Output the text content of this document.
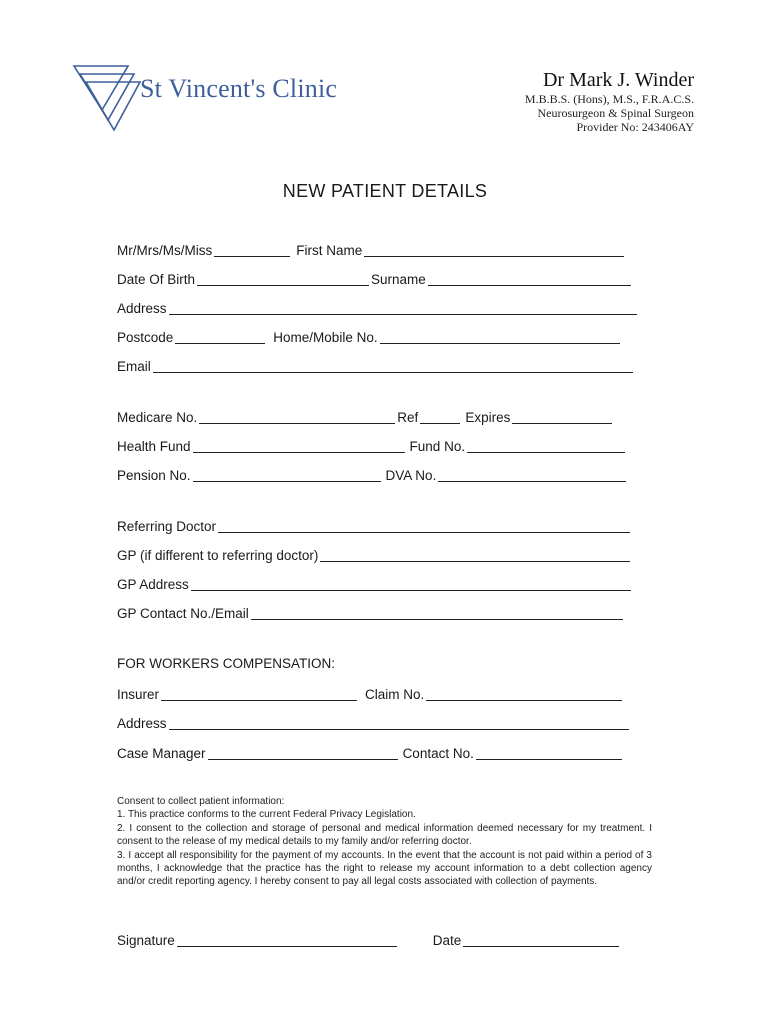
St Vincent's Clinic	Dr Mark J. Winder
M.B.B.S. (Hons), M.S., F.R.A.C.S.
Neurosurgeon & Spinal Surgeon
Provider No: 243406AY
NEW PATIENT DETAILS
Mr/Mrs/Ms/Miss	First Name
Date Of Birth	Surname
Address
Postcode	Home/Mobile No.
Email
Medicare No.	Ref	Expires
Health Fund	Fund No.
Pension No.	DVA No.
Referring Doctor
GP (if different to referring doctor)
GP Address
GP Contact No./Email
FOR WORKERS COMPENSATION:
Insurer	Claim No.
Address
Case Manager	Contact No.

Consent to collect patient information:

1. This practice conforms to the current Federal Privacy Legislation.

2. I consent to the collection and storage of personal and medical information deemed necessary for my treatment. I consent to the release of my medical details to my family and/or referring doctor.

3. I accept all responsibility for the payment of my accounts. In the event that the account is not paid within a period of 3 months, I acknowledge that the practice has the right to release my account information to a debt collection agency and/or credit reporting agency. I hereby consent to pay all legal costs associated with collection of payments.

Signature	Date
